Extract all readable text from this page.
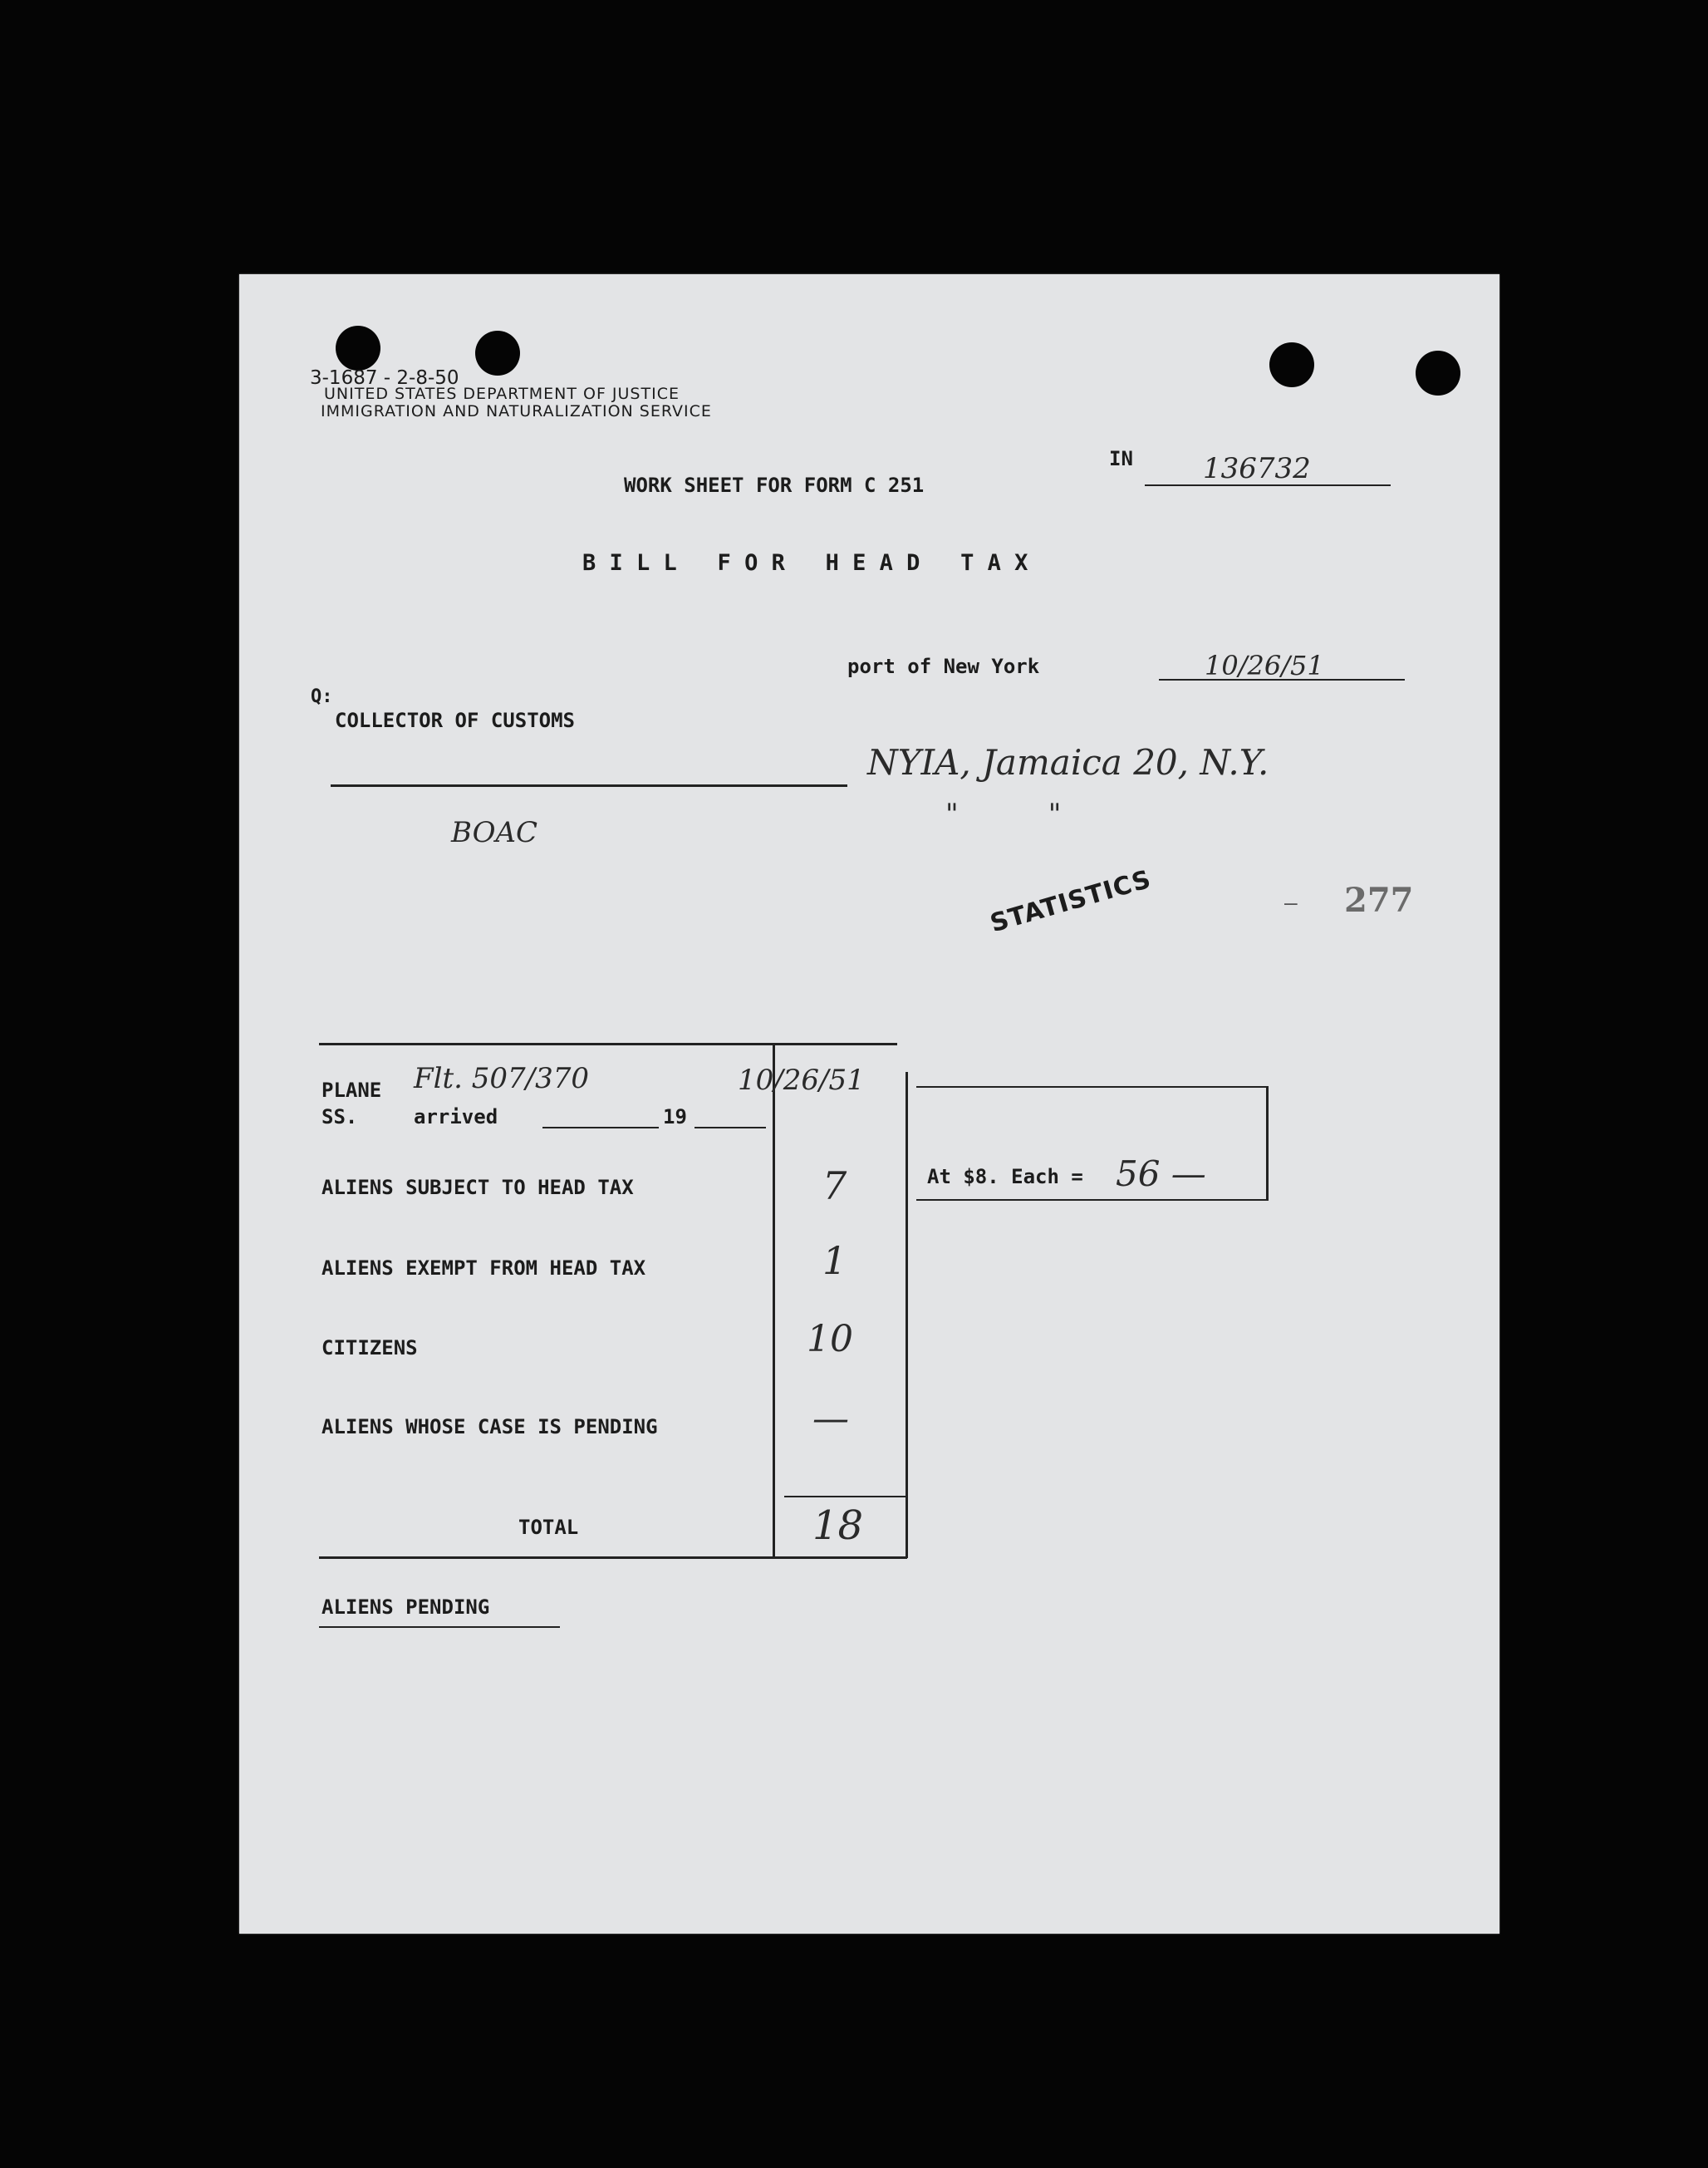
3-1687 - 2-8-50
UNITED STATES DEPARTMENT OF JUSTICE
IMMIGRATION AND NATURALIZATION SERVICE
IN 136732
WORK SHEET FOR FORM C 251
B I L L   F O R   H E A D   T A X
port of New York	10/26/51
Q:
COLLECTOR OF CUSTOMS
NYIA, Jamaica 20, N.Y.
"          "
BOAC
STATISTICS	– 277
PLANE Flt. 507/370	10/26/51
SS.	arrived	19
ALIENS SUBJECT TO HEAD TAX	7
ALIENS EXEMPT FROM HEAD TAX	1
CITIZENS	10
ALIENS WHOSE CASE IS PENDING	—
TOTAL	18
At $8. Each = 56 —
ALIENS PENDING
